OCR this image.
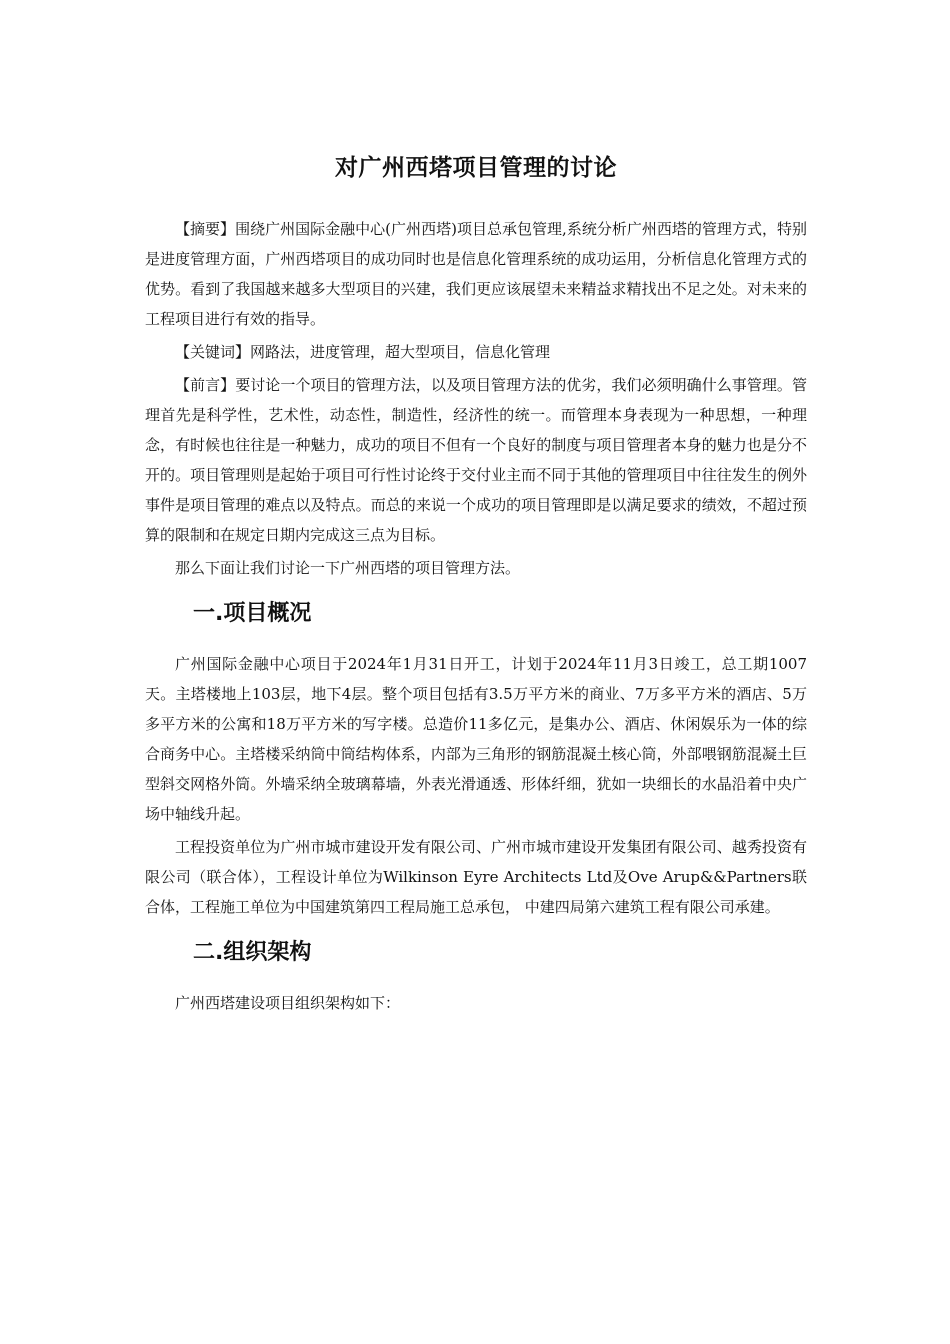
对广州西塔项目管理的讨论

【摘要】围绕广州国际金融中心(广州西塔)项目总承包管理,系统分析广州西塔的管理方式，特别是进度管理方面，广州西塔项目的成功同时也是信息化管理系统的成功运用，分析信息化管理方式的优势。看到了我国越来越多大型项目的兴建，我们更应该展望未来精益求精找出不足之处。对未来的工程项目进行有效的指导。

【关键词】网路法，进度管理，超大型项目，信息化管理

【前言】要讨论一个项目的管理方法，以及项目管理方法的优劣，我们必须明确什么事管理。管理首先是科学性，艺术性，动态性，制造性，经济性的统一。而管理本身表现为一种思想，一种理念，有时候也往往是一种魅力，成功的项目不但有一个良好的制度与项目管理者本身的魅力也是分不开的。项目管理则是起始于项目可行性讨论终于交付业主而不同于其他的管理项目中往往发生的例外事件是项目管理的难点以及特点。而总的来说一个成功的项目管理即是以满足要求的绩效，不超过预算的限制和在规定日期内完成这三点为目标。

那么下面让我们讨论一下广州西塔的项目管理方法。

一.项目概况

广州国际金融中心项目于2024年1月31日开工，计划于2024年11月3日竣工，总工期1007天。主塔楼地上103层，地下4层。整个项目包括有3.5万平方米的商业、7万多平方米的酒店、5万多平方米的公寓和18万平方米的写字楼。总造价11多亿元，是集办公、酒店、休闲娱乐为一体的综合商务中心。主塔楼采纳筒中筒结构体系，内部为三角形的钢筋混凝土核心筒，外部喂钢筋混凝土巨型斜交网格外筒。外墙采纳全玻璃幕墙，外表光滑通透、形体纤细，犹如一块细长的水晶沿着中央广场中轴线升起。

工程投资单位为广州市城市建设开发有限公司、广州市城市建设开发集团有限公司、越秀投资有限公司（联合体），工程设计单位为Wilkinson Eyre Architects Ltd及Ove Arup&&Partners联合体，工程施工单位为中国建筑第四工程局施工总承包， 中建四局第六建筑工程有限公司承建。

二.组织架构

广州西塔建设项目组织架构如下：
